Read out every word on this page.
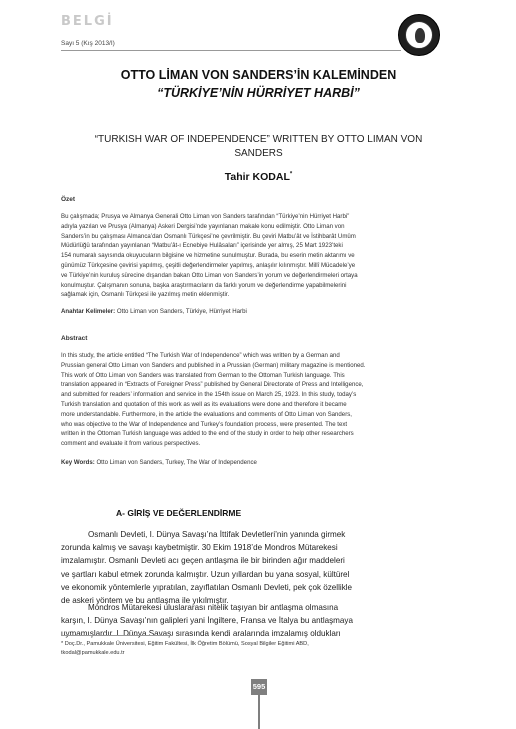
BELGİ
Sayı 5 (Kış 2013/I)
OTTO LİMAN VON SANDERS’İN KALEMİNDEN
“TÜRKİYE’NİN HÜRRİYET HARBİ”
“TURKISH WAR OF INDEPENDENCE” WRITTEN BY OTTO LIMAN VON
SANDERS
Tahir KODAL*
Özet

Bu çalışmada; Prusya ve Almanya Generali Otto Liman von Sanders tarafından “Türkiye’nin Hürriyet Harbi”

adıyla yazılan ve Prusya (Almanya) Askeri Dergisi’nde yayınlanan makale konu edilmiştir. Otto Liman von

Sanders’in bu çalışması Almanca’dan Osmanlı Türkçesi’ne çevrilmiştir. Bu çeviri Matbu’ât ve İstihbarât Umûm

Müdürlüğü tarafından yayınlanan “Matbu’ât-ı Ecnebiye Hulâsaları” içerisinde yer almış, 25 Mart 1923’teki

154 numaralı sayısında okuyucuların bilgisine ve hizmetine sunulmuştur. Burada, bu eserin metin aktarımı ve

günümüz Türkçesine çevirisi yapılmış, çeşitli değerlendirmeler yapılmış, anlaşılır kılınmıştır. Millî Mücadele’ye

ve Türkiye’nin kuruluş sürecine dışarıdan bakan Otto Liman von Sanders’in yorum ve değerlendirmeleri ortaya

konulmuştur. Çalışmanın sonuna, başka araştırmacıların da farklı yorum ve değerlendirme yapabilmelerini

sağlamak için, Osmanlı Türkçesi ile yazılmış metin eklenmiştir.

Anahtar Kelimeler: Otto Liman von Sanders, Türkiye, Hürriyet Harbi
Abstract

In this study, the article entitled “The Turkish War of Independence” which was written by a German and

Prussian general Otto Liman von Sanders and published in a Prussian (German) military magazine is mentioned.

This work of Otto Liman von Sanders was translated from German to the Ottoman Turkish language. This

translation appeared in “Extracts of Foreigner Press” published by General Directorate of Press and Intelligence,

and submitted for readers’ information and service in the 154th issue on March 25, 1923. In this study, today’s

Turkish translation and quotation of this work as well as its evaluations were done and therefore it became

more understandable. Furthermore, in the article the evaluations and comments of Otto Liman von Sanders,

who was objective to the War of Independence and Turkey’s foundation process, were presented. The text

written in the Ottoman Turkish language was added to the end of the study in order to help other researchers

comment and evaluate it from various perspectives.

Key Words: Otto Liman von Sanders, Turkey, The War of Independence
A- GİRİŞ VE DEĞERLENDİRME

Osmanlı Devleti, I. Dünya Savaşı’na İttifak Devletleri’nin yanında girmek

zorunda kalmış ve savaşı kaybetmiştir. 30 Ekim 1918’de Mondros Mütarekesi
imzalamıştır. Osmanlı Devleti acı geçen antlaşma ile bir birinden ağır maddeleri
ve şartları kabul etmek zorunda kalmıştır. Uzun yıllardan bu yana sosyal, kültürel
ve ekonomik yöntemlerle yıpratılan, zayıflatılan Osmanlı Devleti, pek çok özellikle
de askeri yöntem ve bu antlaşma ile yıkılmıştır.

Mondros Mütarekesi uluslararası nitelik taşıyan bir antlaşma olmasına

karşın, I. Dünya Savaşı’nın galipleri yani İngiltere, Fransa ve İtalya bu antlaşmaya
uymamışlardır. I. Dünya Savaşı sırasında kendi aralarında imzalamış oldukları
* Doç.Dr., Pamukkale Üniversitesi, Eğitim Fakültesi, İlk Öğretim Bölümü, Sosyal Bilgiler Eğitimi ABD,
tkodal@pamukkale.edu.tr
595
